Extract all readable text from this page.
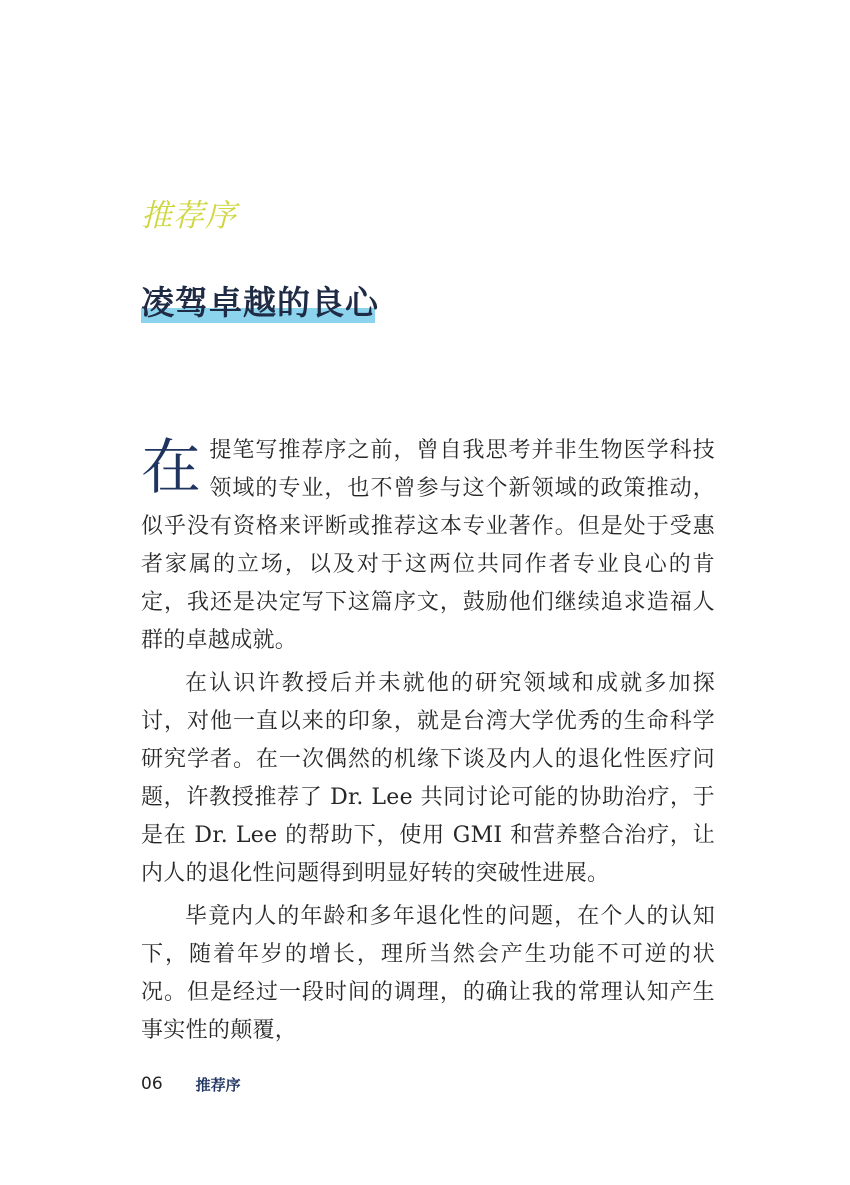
推荐序
凌驾卓越的良心

在提笔写推荐序之前，曾自我思考并非生物医学科技领域的专业，也不曾参与这个新领域的政策推动，似乎没有资格来评断或推荐这本专业著作。但是处于受惠者家属的立场，以及对于这两位共同作者专业良心的肯定，我还是决定写下这篇序文，鼓励他们继续追求造福人群的卓越成就。

在认识许教授后并未就他的研究领域和成就多加探讨，对他一直以来的印象，就是台湾大学优秀的生命科学研究学者。在一次偶然的机缘下谈及内人的退化性医疗问题，许教授推荐了 Dr. Lee 共同讨论可能的协助治疗，于是在 Dr. Lee 的帮助下，使用 GMI 和营养整合治疗，让内人的退化性问题得到明显好转的突破性进展。

毕竟内人的年龄和多年退化性的问题，在个人的认知下，随着年岁的增长，理所当然会产生功能不可逆的状况。但是经过一段时间的调理，的确让我的常理认知产生事实性的颠覆，

06 推荐序
